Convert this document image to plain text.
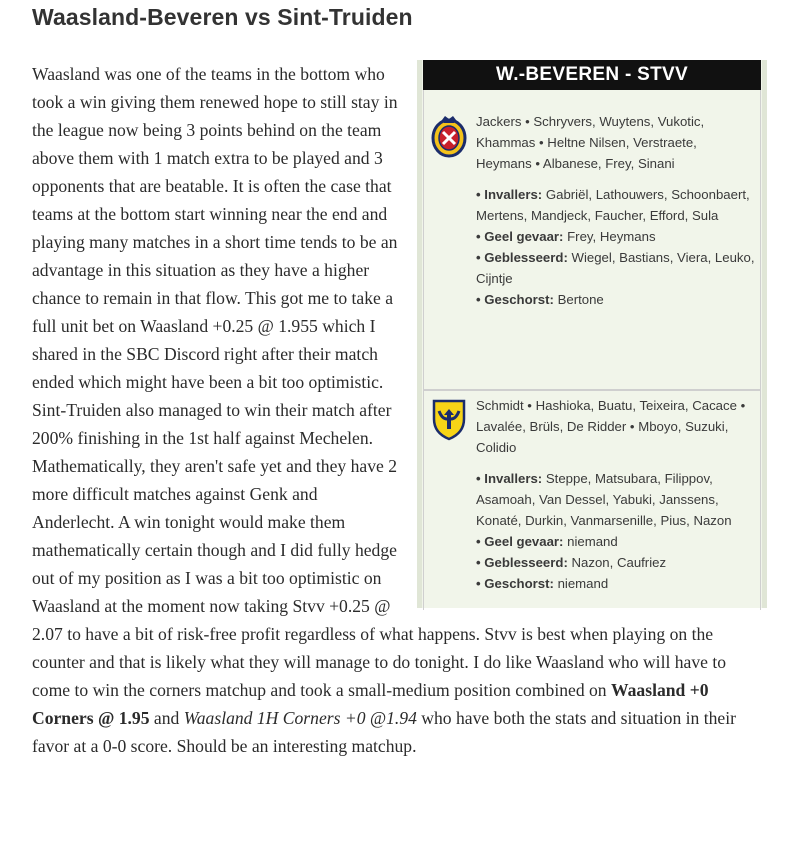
Waasland-Beveren vs Sint-Truiden
W.-BEVEREN - STVV
Jackers • Schryvers, Wuytens, Vukotic, Khammas • Heltne Nilsen, Verstraete, Heymans • Albanese, Frey, Sinani
• Invallers: Gabriël, Lathouwers, Schoonbaert, Mertens, Mandjeck, Faucher, Efford, Sula
• Geel gevaar: Frey, Heymans
• Geblesseerd: Wiegel, Bastians, Viera, Leuko, Cijntje
• Geschorst: Bertone
Schmidt • Hashioka, Buatu, Teixeira, Cacace • Lavalée, Brüls, De Ridder • Mboyo, Suzuki, Colidio
• Invallers: Steppe, Matsubara, Filippov, Asamoah, Van Dessel, Yabuki, Janssens, Konaté, Durkin, Vanmarsenille, Pius, Nazon
• Geel gevaar: niemand
• Geblesseerd: Nazon, Caufriez
• Geschorst: niemand
Waasland was one of the teams in the bottom who took a win giving them renewed hope to still stay in the league now being 3 points behind on the team above them with 1 match extra to be played and 3 opponents that are beatable. It is often the case that teams at the bottom start winning near the end and playing many matches in a short time tends to be an advantage in this situation as they have a higher chance to remain in that flow. This got me to take a full unit bet on Waasland +0.25 @ 1.955 which I shared in the SBC Discord right after their match ended which might have been a bit too optimistic. Sint-Truiden also managed to win their match after 200% finishing in the 1st half against Mechelen. Mathematically, they aren't safe yet and they have 2 more difficult matches against Genk and Anderlecht. A win tonight would make them mathematically certain though and I did fully hedge out of my position as I was a bit too optimistic on Waasland at the moment now taking Stvv +0.25 @ 2.07 to have a bit of risk-free profit regardless of what happens. Stvv is best when playing on the counter and that is likely what they will manage to do tonight. I do like Waasland who will have to come to win the corners matchup and took a small-medium position combined on Waasland +0 Corners @ 1.95 and Waasland 1H Corners +0 @1.94 who have both the stats and situation in their favor at a 0-0 score. Should be an interesting matchup.
